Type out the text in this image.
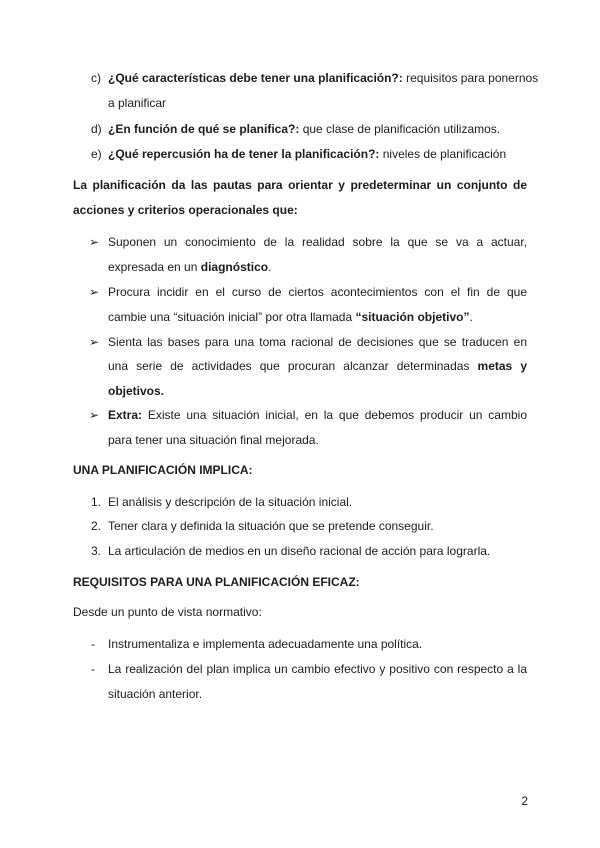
c) ¿Qué características debe tener una planificación?: requisitos para ponernos
a planificar
d) ¿En función de qué se planifica?: que clase de planificación utilizamos.
e) ¿Qué repercusión ha de tener la planificación?: niveles de planificación
La planificación da las pautas para orientar y predeterminar un conjunto de
acciones y criterios operacionales que:
➢ Suponen un conocimiento de la realidad sobre la que se va a actuar,
expresada en un diagnóstico.
➢ Procura incidir en el curso de ciertos acontecimientos con el fin de que
cambie una “situación inicial” por otra llamada “situación objetivo”.
➢ Sienta las bases para una toma racional de decisiones que se traducen en
una serie de actividades que procuran alcanzar determinadas metas y
objetivos.
➢ Extra: Existe una situación inicial, en la que debemos producir un cambio
para tener una situación final mejorada.
UNA PLANIFICACIÓN IMPLICA:
1. El análisis y descripción de la situación inicial.
2. Tener clara y definida la situación que se pretende conseguir.
3. La articulación de medios en un diseño racional de acción para lograrla.
REQUISITOS PARA UNA PLANIFICACIÓN EFICAZ:
Desde un punto de vista normativo:
- Instrumentaliza e implementa adecuadamente una política.
- La realización del plan implica un cambio efectivo y positivo con respecto a la
situación anterior.
2
